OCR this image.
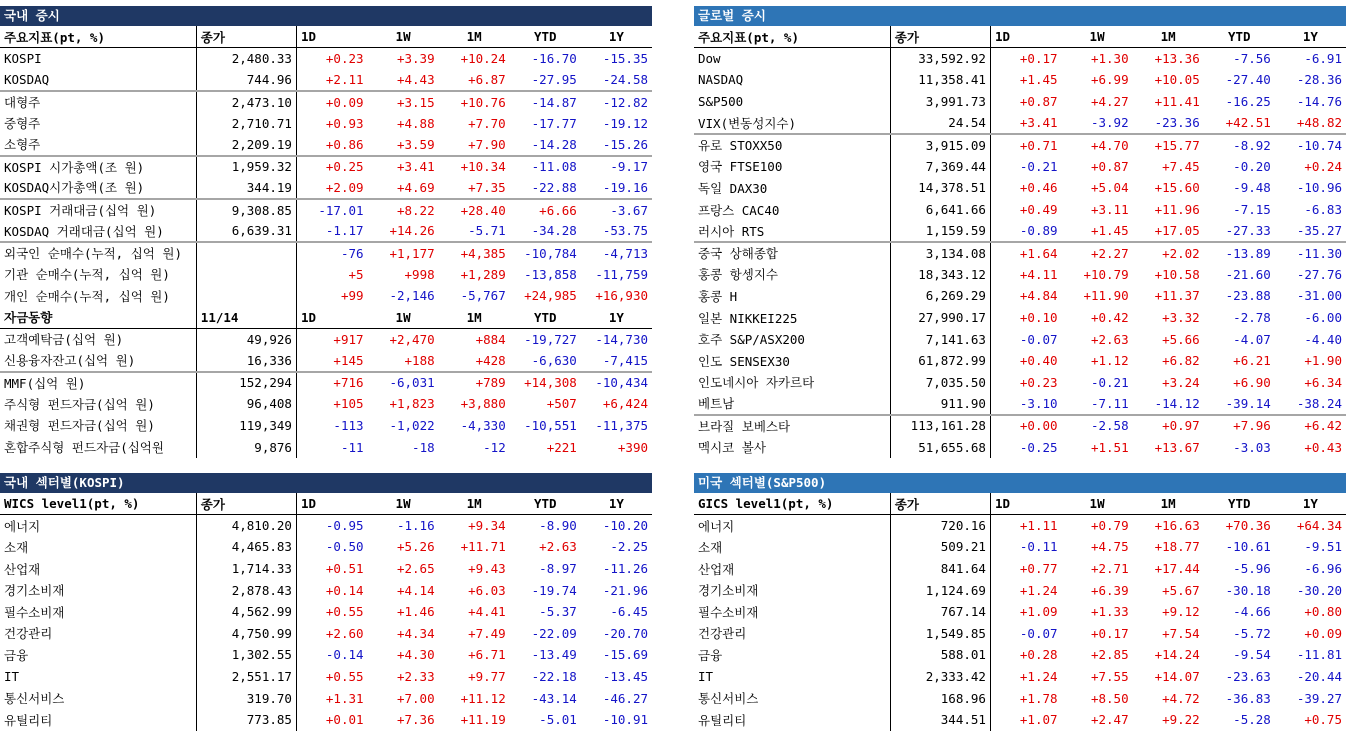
국내 증시
주요지표(pt, %)	종가	1D	1W	1M	YTD	1Y
KOSPI	2,480.33	+0.23	+3.39	+10.24	-16.70	-15.35
KOSDAQ	744.96	+2.11	+4.43	+6.87	-27.95	-24.58
대형주	2,473.10	+0.09	+3.15	+10.76	-14.87	-12.82
중형주	2,710.71	+0.93	+4.88	+7.70	-17.77	-19.12
소형주	2,209.19	+0.86	+3.59	+7.90	-14.28	-15.26
KOSPI 시가총액(조 원)	1,959.32	+0.25	+3.41	+10.34	-11.08	-9.17
KOSDAQ시가총액(조 원)	344.19	+2.09	+4.69	+7.35	-22.88	-19.16
KOSPI 거래대금(십억 원)	9,308.85	-17.01	+8.22	+28.40	+6.66	-3.67
KOSDAQ 거래대금(십억 원)	6,639.31	-1.17	+14.26	-5.71	-34.28	-53.75
외국인 순매수(누적, 십억 원)		-76	+1,177	+4,385	-10,784	-4,713
기관 순매수(누적, 십억 원)		+5	+998	+1,289	-13,858	-11,759
개인 순매수(누적, 십억 원)		+99	-2,146	-5,767	+24,985	+16,930
자금동향	11/14	1D	1W	1M	YTD	1Y
고객예탁금(십억 원)	49,926	+917	+2,470	+884	-19,727	-14,730
신용융자잔고(십억 원)	16,336	+145	+188	+428	-6,630	-7,415
MMF(십억 원)	152,294	+716	-6,031	+789	+14,308	-10,434
주식형 펀드자금(십억 원)	96,408	+105	+1,823	+3,880	+507	+6,424
채권형 펀드자금(십억 원)	119,349	-113	-1,022	-4,330	-10,551	-11,375
혼합주식형 펀드자금(십억원	9,876	-11	-18	-12	+221	+390
글로벌 증시
주요지표(pt, %)	종가	1D	1W	1M	YTD	1Y
Dow	33,592.92	+0.17	+1.30	+13.36	-7.56	-6.91
NASDAQ	11,358.41	+1.45	+6.99	+10.05	-27.40	-28.36
S&P500	3,991.73	+0.87	+4.27	+11.41	-16.25	-14.76
VIX(변동성지수)	24.54	+3.41	-3.92	-23.36	+42.51	+48.82
유로 STOXX50	3,915.09	+0.71	+4.70	+15.77	-8.92	-10.74
영국 FTSE100	7,369.44	-0.21	+0.87	+7.45	-0.20	+0.24
독일 DAX30	14,378.51	+0.46	+5.04	+15.60	-9.48	-10.96
프랑스 CAC40	6,641.66	+0.49	+3.11	+11.96	-7.15	-6.83
러시아 RTS	1,159.59	-0.89	+1.45	+17.05	-27.33	-35.27
중국 상해종합	3,134.08	+1.64	+2.27	+2.02	-13.89	-11.30
홍콩 항셍지수	18,343.12	+4.11	+10.79	+10.58	-21.60	-27.76
홍콩 H	6,269.29	+4.84	+11.90	+11.37	-23.88	-31.00
일본 NIKKEI225	27,990.17	+0.10	+0.42	+3.32	-2.78	-6.00
호주 S&P/ASX200	7,141.63	-0.07	+2.63	+5.66	-4.07	-4.40
인도 SENSEX30	61,872.99	+0.40	+1.12	+6.82	+6.21	+1.90
인도네시아 자카르타	7,035.50	+0.23	-0.21	+3.24	+6.90	+6.34
베트남	911.90	-3.10	-7.11	-14.12	-39.14	-38.24
브라질 보베스타	113,161.28	+0.00	-2.58	+0.97	+7.96	+6.42
멕시코 볼사	51,655.68	-0.25	+1.51	+13.67	-3.03	+0.43
국내 섹터별(KOSPI)
WICS level1(pt, %)	종가	1D	1W	1M	YTD	1Y
에너지	4,810.20	-0.95	-1.16	+9.34	-8.90	-10.20
소재	4,465.83	-0.50	+5.26	+11.71	+2.63	-2.25
산업재	1,714.33	+0.51	+2.65	+9.43	-8.97	-11.26
경기소비재	2,878.43	+0.14	+4.14	+6.03	-19.74	-21.96
필수소비재	4,562.99	+0.55	+1.46	+4.41	-5.37	-6.45
건강관리	4,750.99	+2.60	+4.34	+7.49	-22.09	-20.70
금융	1,302.55	-0.14	+4.30	+6.71	-13.49	-15.69
IT	2,551.17	+0.55	+2.33	+9.77	-22.18	-13.45
통신서비스	319.70	+1.31	+7.00	+11.12	-43.14	-46.27
유틸리티	773.85	+0.01	+7.36	+11.19	-5.01	-10.91
미국 섹터별(S&P500)
GICS level1(pt, %)	종가	1D	1W	1M	YTD	1Y
에너지	720.16	+1.11	+0.79	+16.63	+70.36	+64.34
소재	509.21	-0.11	+4.75	+18.77	-10.61	-9.51
산업재	841.64	+0.77	+2.71	+17.44	-5.96	-6.96
경기소비재	1,124.69	+1.24	+6.39	+5.67	-30.18	-30.20
필수소비재	767.14	+1.09	+1.33	+9.12	-4.66	+0.80
건강관리	1,549.85	-0.07	+0.17	+7.54	-5.72	+0.09
금융	588.01	+0.28	+2.85	+14.24	-9.54	-11.81
IT	2,333.42	+1.24	+7.55	+14.07	-23.63	-20.44
통신서비스	168.96	+1.78	+8.50	+4.72	-36.83	-39.27
유틸리티	344.51	+1.07	+2.47	+9.22	-5.28	+0.75
